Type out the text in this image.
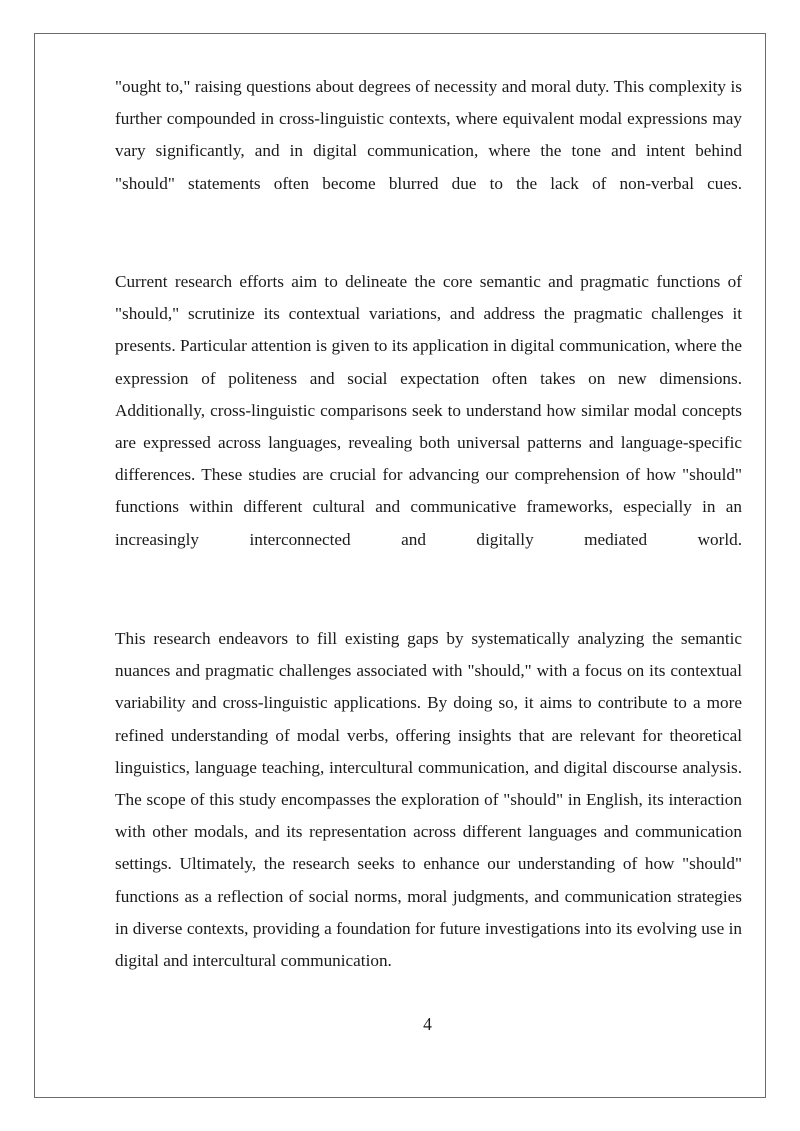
"ought to," raising questions about degrees of necessity and moral duty. This complexity is further compounded in cross-linguistic contexts, where equivalent modal expressions may vary significantly, and in digital communication, where the tone and intent behind "should" statements often become blurred due to the lack of non-verbal cues.

Current research efforts aim to delineate the core semantic and pragmatic functions of "should," scrutinize its contextual variations, and address the pragmatic challenges it presents. Particular attention is given to its application in digital communication, where the expression of politeness and social expectation often takes on new dimensions. Additionally, cross-linguistic comparisons seek to understand how similar modal concepts are expressed across languages, revealing both universal patterns and language-specific differences. These studies are crucial for advancing our comprehension of how "should" functions within different cultural and communicative frameworks, especially in an increasingly interconnected and digitally mediated world.

This research endeavors to fill existing gaps by systematically analyzing the semantic nuances and pragmatic challenges associated with "should," with a focus on its contextual variability and cross-linguistic applications. By doing so, it aims to contribute to a more refined understanding of modal verbs, offering insights that are relevant for theoretical linguistics, language teaching, intercultural communication, and digital discourse analysis. The scope of this study encompasses the exploration of "should" in English, its interaction with other modals, and its representation across different languages and communication settings. Ultimately, the research seeks to enhance our understanding of how "should" functions as a reflection of social norms, moral judgments, and communication strategies in diverse contexts, providing a foundation for future investigations into its evolving use in digital and intercultural communication.

4
